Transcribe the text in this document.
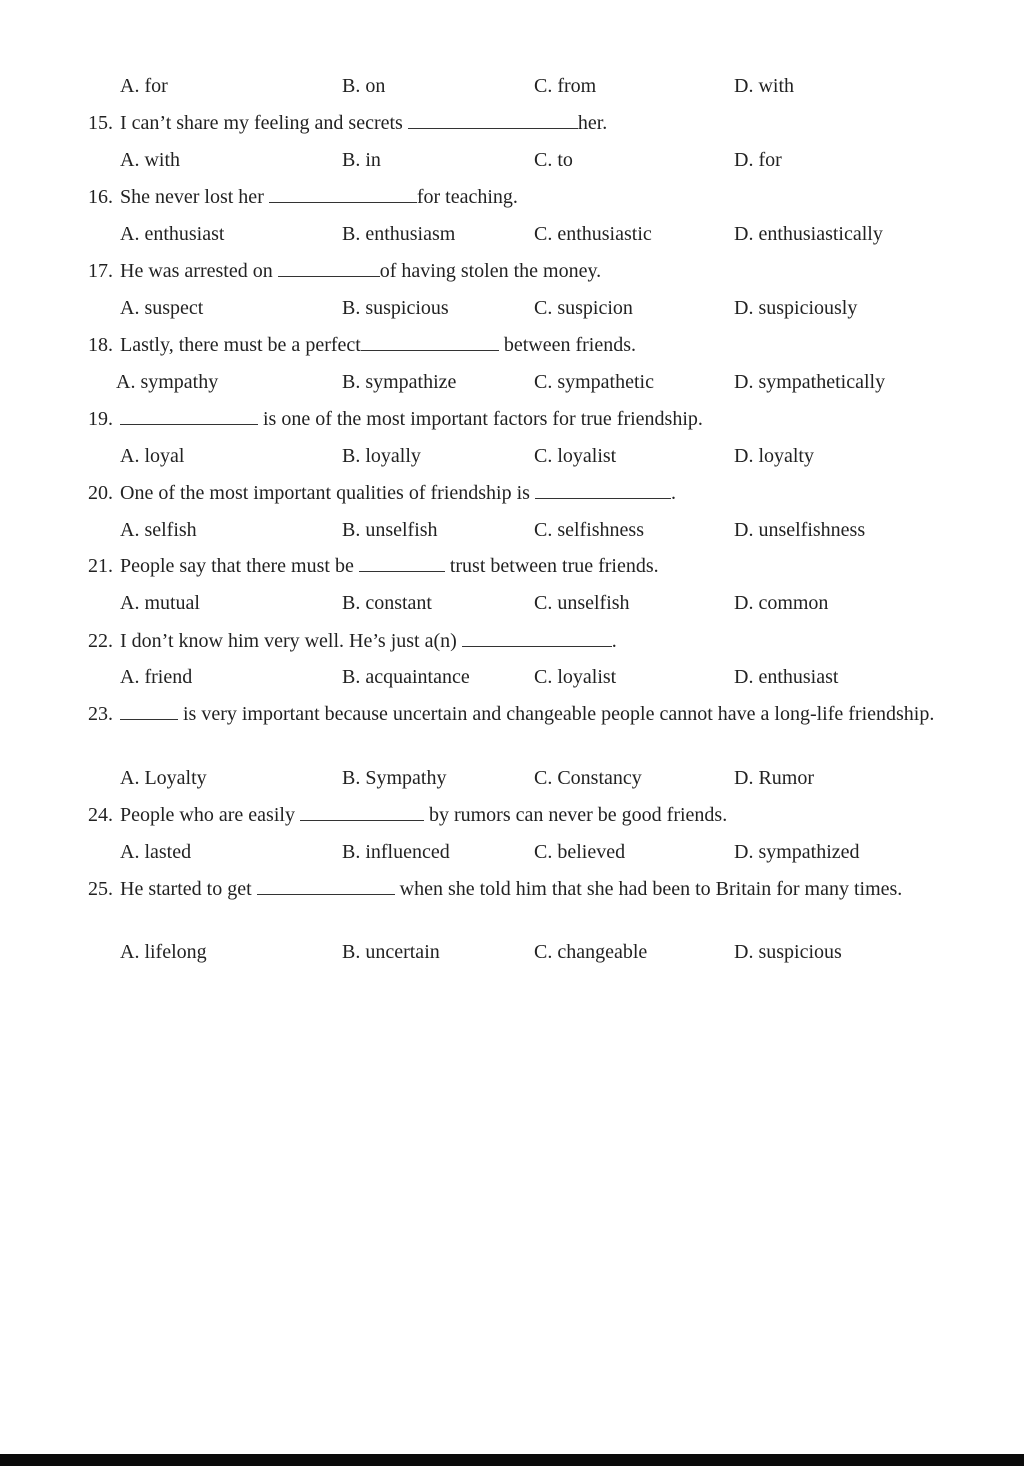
A. for	B. on	C. from	D. with
15. I can’t share my feeling and secrets	her.
A. with	B. in	C. to	D. for
16. She never lost her	for teaching.
A. enthusiast	B. enthusiasm	C. enthusiastic	D. enthusiastically
17. He was arrested on	of having stolen the money.
A. suspect	B. suspicious	C. suspicion	D. suspiciously
18. Lastly, there must be a perfect	between friends.
A. sympathy	B. sympathize	C. sympathetic	D. sympathetically
19.	is one of the most important factors for true friendship.
A. loyal	B. loyally	C. loyalist	D. loyalty
20. One of the most important qualities of friendship is	.
A. selfish	B. unselfish	C. selfishness	D. unselfishness
21. People say that there must be	trust between true friends.
A. mutual	B. constant	C. unselfish	D. common
22. I don’t know him very well. He’s just a(n)	.
A. friend	B. acquaintance	C. loyalist	D. enthusiast
23.	is very important because uncertain and changeable people cannot have a long-life friendship.
A. Loyalty	B. Sympathy	C. Constancy	D. Rumor
24. People who are easily	by rumors can never be good friends.
A. lasted	B. influenced	C. believed	D. sympathized
25. He started to get	when she told him that she had been to Britain for many times.
A. lifelong	B. uncertain	C. changeable	D. suspicious
